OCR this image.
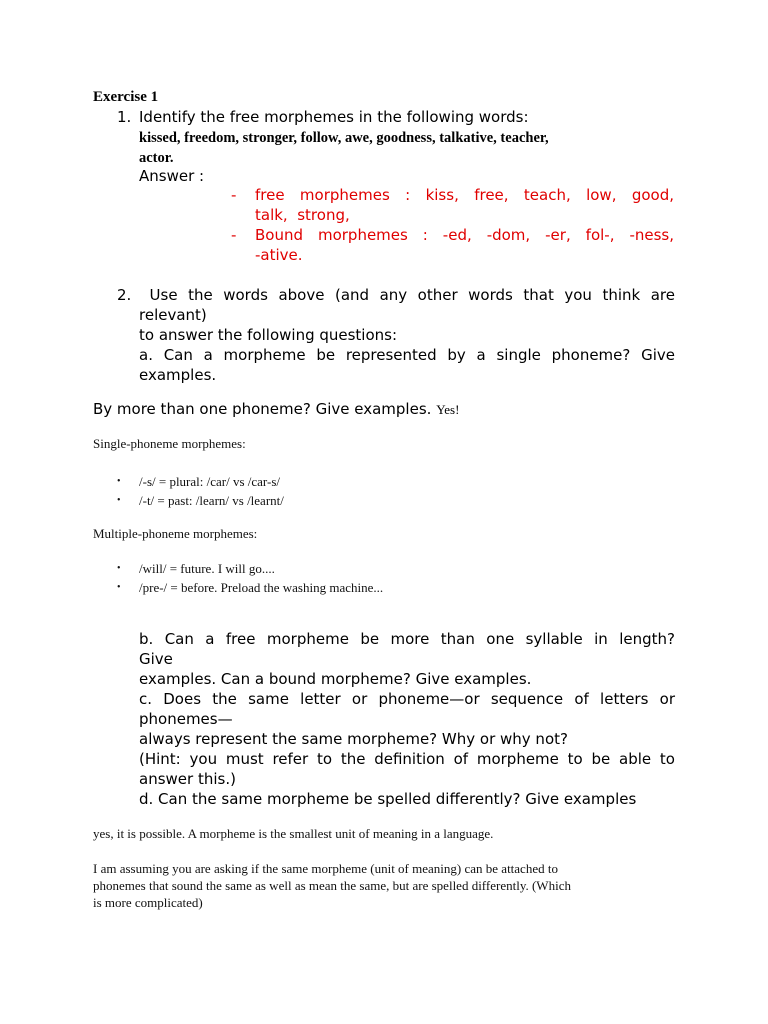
Exercise 1
1. Identify the free morphemes in the following words:
kissed, freedom, stronger, follow, awe, goodness, talkative, teacher,
actor.
Answer :
- free morphemes : kiss, free, teach, low, good,
talk,  strong,
- Bound morphemes : -ed, -dom, -er, fol-, -ness,
-ative.
2. Use the words above (and any other words that you think are
relevant)
to answer the following questions:
a. Can a morpheme be represented by a single phoneme? Give
examples.
By more than one phoneme? Give examples. Yes!
Single-phoneme morphemes:
• /-s/ = plural: /car/ vs /car-s/
• /-t/ = past: /learn/ vs /learnt/
Multiple-phoneme morphemes:
• /will/ = future. I will go....
• /pre-/ = before. Preload the washing machine...
b. Can a free morpheme be more than one syllable in length?
Give
examples. Can a bound morpheme? Give examples.
c. Does the same letter or phoneme—or sequence of letters or
phonemes—
always represent the same morpheme? Why or why not?
(Hint: you must refer to the definition of morpheme to be able to
answer this.)
d. Can the same morpheme be spelled differently? Give examples
yes, it is possible. A morpheme is the smallest unit of meaning in a language.
I am assuming you are asking if the same morpheme (unit of meaning) can be attached to
phonemes that sound the same as well as mean the same, but are spelled differently. (Which
is more complicated)
